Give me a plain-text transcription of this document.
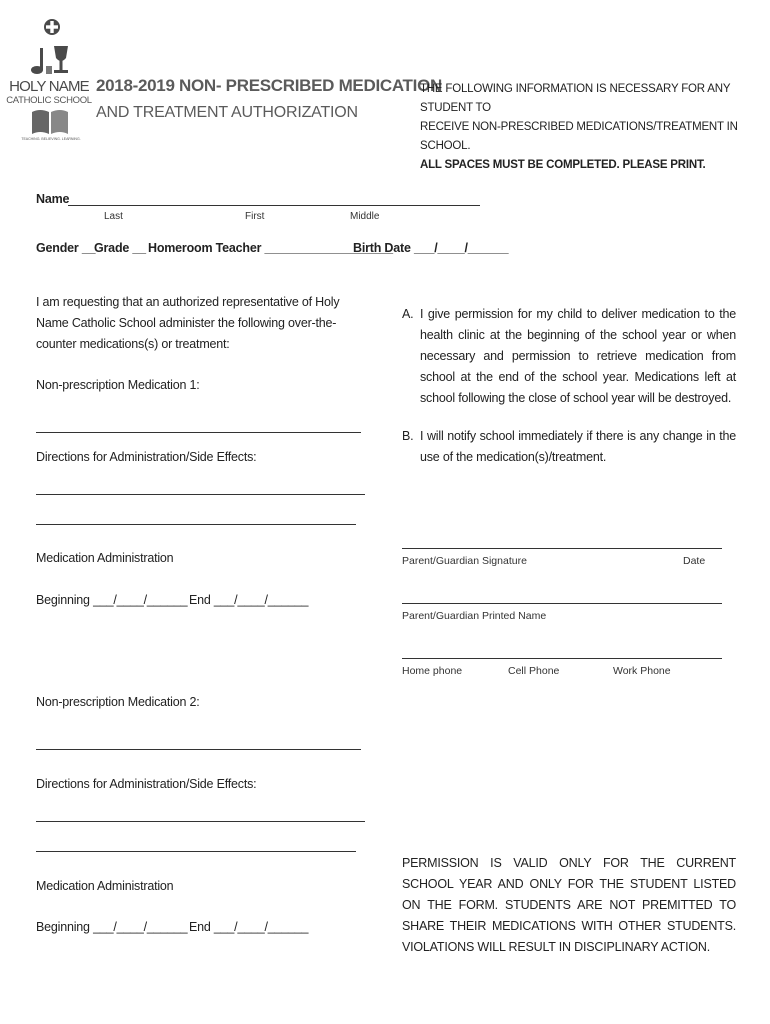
HOLY NAME
CATHOLIC SCHOOL
TEACHING. BELIEVING. LEARNING.
2018-2019 NON- PRESCRIBED MEDICATION
AND TREATMENT AUTHORIZATION
THE FOLLOWING INFORMATION IS NECESSARY FOR ANY STUDENT TO
RECEIVE NON-PRESCRIBED MEDICATIONS/TREATMENT IN SCHOOL.
ALL SPACES MUST BE COMPLETED. PLEASE PRINT.
Name
Last	First	Middle
Gender __
Grade __ Homeroom Teacher ___________________
Birth Date ___/____/______
I am requesting that an authorized representative of Holy Name Catholic School administer the following over-the-counter medications(s) or treatment:
Non-prescription Medication 1:
Directions for Administration/Side Effects:
Medication Administration
Beginning ___/____/______ End ___/____/______
Non-prescription Medication 2:
Directions for Administration/Side Effects:
Medication Administration
Beginning ___/____/______ End ___/____/______
A. I give permission for my child to deliver medication to the health clinic at the beginning of the school year or when necessary and permission to retrieve medication from school at the end of the school year. Medications left at school following the close of school year will be destroyed.
B. I will notify school immediately if there is any change in the use of the medication(s)/treatment.
Parent/Guardian Signature	Date
Parent/Guardian Printed Name
Home phone	Cell Phone	Work Phone
PERMISSION IS VALID ONLY FOR THE CURRENT SCHOOL YEAR AND ONLY FOR THE STUDENT LISTED ON THE FORM. STUDENTS ARE NOT PREMITTED TO SHARE THEIR MEDICATIONS WITH OTHER STUDENTS. VIOLATIONS WILL RESULT IN DISCIPLINARY ACTION.
